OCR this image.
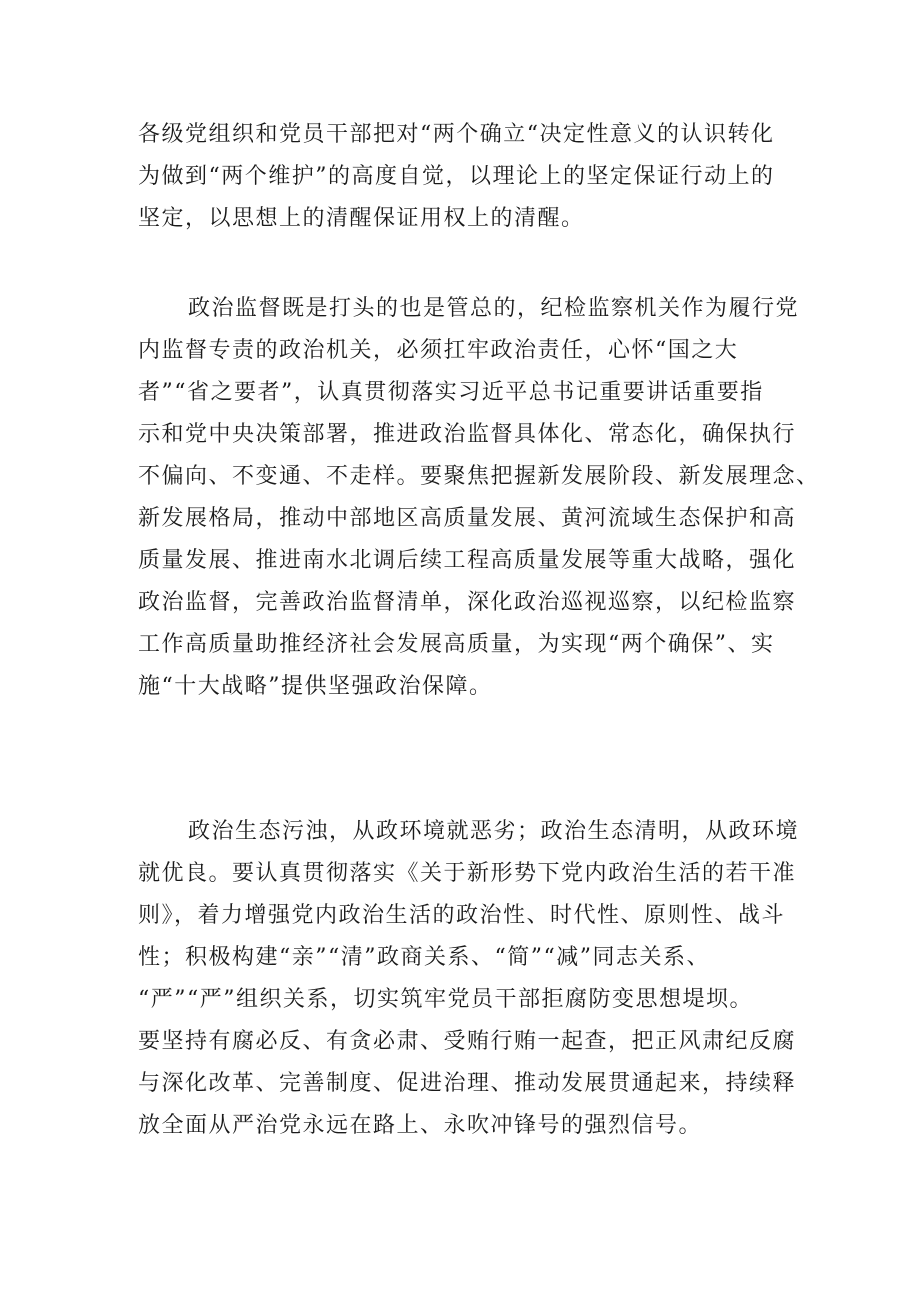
各级党组织和党员干部把对“两个确立“决定性意义的认识转化
为做到“两个维护”的高度自觉，以理论上的坚定保证行动上的
坚定，以思想上的清醒保证用权上的清醒。
政治监督既是打头的也是管总的，纪检监察机关作为履行党
内监督专责的政治机关，必须扛牢政治责任，心怀“国之大
者”“省之要者”，认真贯彻落实习近平总书记重要讲话重要指
示和党中央决策部署，推进政治监督具体化、常态化，确保执行
不偏向、不变通、不走样。要聚焦把握新发展阶段、新发展理念、
新发展格局，推动中部地区高质量发展、黄河流域生态保护和高
质量发展、推进南水北调后续工程高质量发展等重大战略，强化
政治监督，完善政治监督清单，深化政治巡视巡察，以纪检监察
工作高质量助推经济社会发展高质量，为实现“两个确保”、实
施“十大战略”提供坚强政治保障。
政治生态污浊，从政环境就恶劣；政治生态清明，从政环境
就优良。要认真贯彻落实《关于新形势下党内政治生活的若干准
则》，着力增强党内政治生活的政治性、时代性、原则性、战斗
性；积极构建“亲”“清”政商关系、“简”“减”同志关系、
“严”“严”组织关系，切实筑牢党员干部拒腐防变思想堤坝。
要坚持有腐必反、有贪必肃、受贿行贿一起查，把正风肃纪反腐
与深化改革、完善制度、促进治理、推动发展贯通起来，持续释
放全面从严治党永远在路上、永吹冲锋号的强烈信号。
